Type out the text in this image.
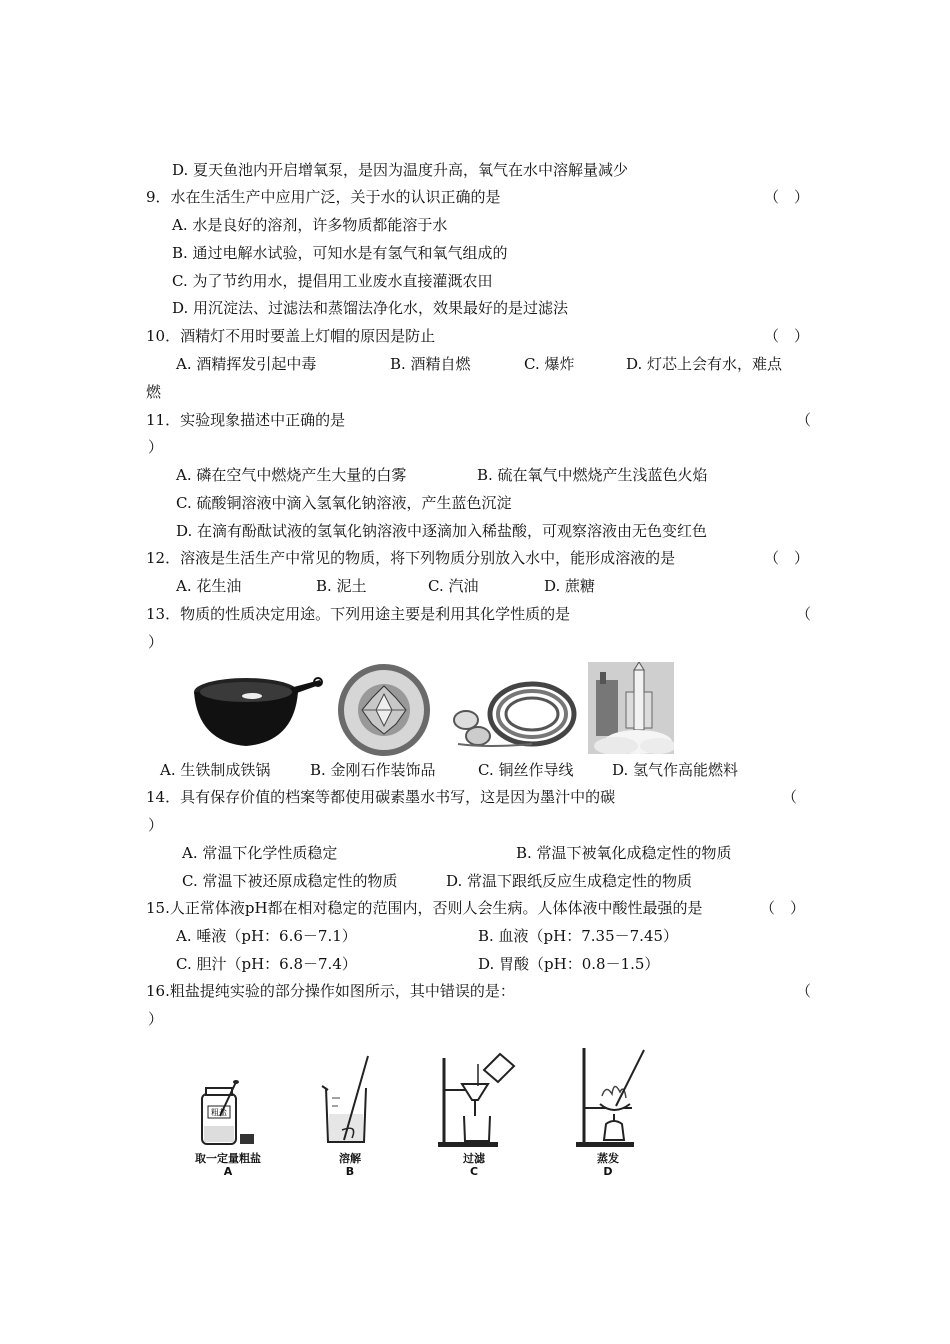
D. 夏天鱼池内开启增氧泵，是因为温度升高，氧气在水中溶解量减少
9．水在生活生产中应用广泛，关于水的认识正确的是	（　）
A. 水是良好的溶剂，许多物质都能溶于水
B. 通过电解水试验，可知水是有氢气和氧气组成的
C. 为了节约用水，提倡用工业废水直接灌溉农田
D. 用沉淀法、过滤法和蒸馏法净化水，效果最好的是过滤法
10．酒精灯不用时要盖上灯帽的原因是防止	（　）
A. 酒精挥发引起中毒	B. 酒精自燃	C. 爆炸	D. 灯芯上会有水，难点
燃
11．实验现象描述中正确的是	（
）
A. 磷在空气中燃烧产生大量的白雾	B. 硫在氧气中燃烧产生浅蓝色火焰
C. 硫酸铜溶液中滴入氢氧化钠溶液，产生蓝色沉淀
D. 在滴有酚酞试液的氢氧化钠溶液中逐滴加入稀盐酸，可观察溶液由无色变红色
12．溶液是生活生产中常见的物质，将下列物质分别放入水中，能形成溶液的是	（　）
A. 花生油	B. 泥土	C. 汽油	D. 蔗糖
13．物质的性质决定用途。下列用途主要是利用其化学性质的是	（
）
A. 生铁制成铁锅	B. 金刚石作装饰品	C. 铜丝作导线	D. 氢气作高能燃料
14．具有保存价值的档案等都使用碳素墨水书写，这是因为墨汁中的碳	（
）
A. 常温下化学性质稳定	B. 常温下被氧化成稳定性的物质
C. 常温下被还原成稳定性的物质	D. 常温下跟纸反应生成稳定性的物质
15.人正常体液pH都在相对稳定的范围内，否则人会生病。人体体液中酸性最强的是	（　）
A. 唾液（pH：6.6－7.1）	B. 血液（pH：7.35－7.45）
C. 胆汁（pH：6.8－7.4）	D. 胃酸（pH：0.8－1.5）
16.粗盐提纯实验的部分操作如图所示，其中错误的是：	（
）
粗盐
取一定量粗盐
A
溶解
B
过滤
C
蒸发
D
